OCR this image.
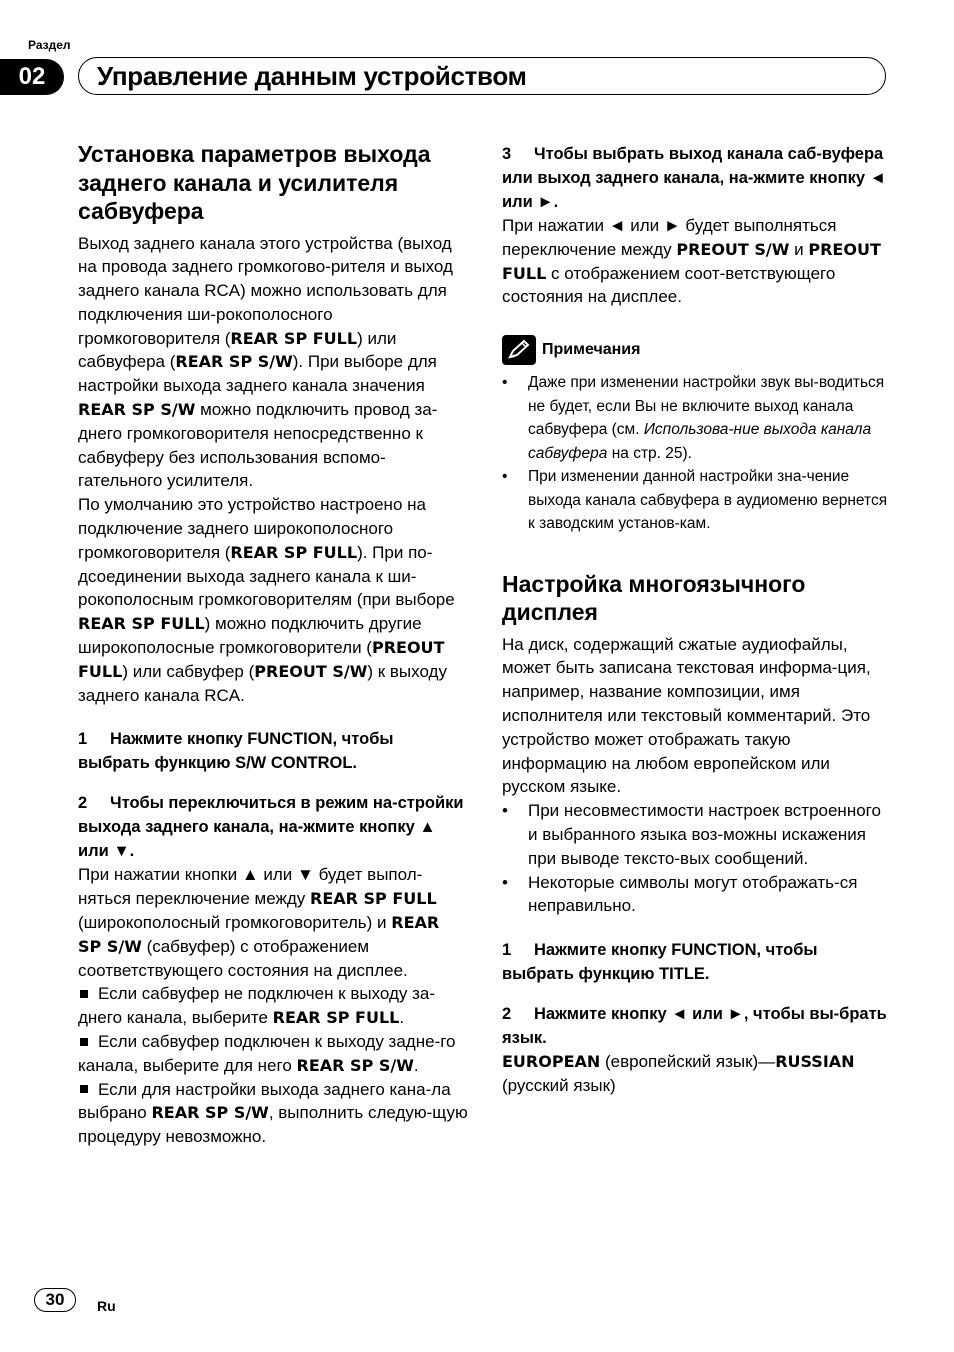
Раздел
02	Управление данным устройством
Установка параметров выхода заднего канала и усилителя сабвуфера

Выход заднего канала этого устройства (выход на провода заднего громкогово-рителя и выход заднего канала RCA) можно использовать для подключения ши-рокополосного громкоговорителя (REAR SP FULL) или сабвуфера (REAR SP S/W). При выборе для настройки выхода заднего канала значения REAR SP S/W можно подключить провод за-днего громкоговорителя непосредственно к сабвуферу без использования вспомо-гательного усилителя.

По умолчанию это устройство настроено на подключение заднего широкополосного громкоговорителя (REAR SP FULL). При по-дсоединении выхода заднего канала к ши-рокополосным громкоговорителям (при выборе REAR SP FULL) можно подключить другие широкополосные громкоговорители (PREOUT FULL) или сабвуфер (PREOUT S/W) к выходу заднего канала RCA.

1 Нажмите кнопку FUNCTION, чтобы выбрать функцию S/W CONTROL.
2 Чтобы переключиться в режим на-стройки выхода заднего канала, на-жмите кнопку ▲ или ▼.

При нажатии кнопки ▲ или ▼ будет выпол-няться переключение между REAR SP FULL (широкополосный громкоговоритель) и REAR SP S/W (сабвуфер) с отображением соответствующего состояния на дисплее.

Если сабвуфер не подключен к выходу за-днего канала, выберите REAR SP FULL.

Если сабвуфер подключен к выходу задне-го канала, выберите для него REAR SP S/W.

Если для настройки выхода заднего кана-ла выбрано REAR SP S/W, выполнить следую-щую процедуру невозможно.

3 Чтобы выбрать выход канала саб-вуфера или выход заднего канала, на-жмите кнопку ◄ или ►.

При нажатии ◄ или ► будет выполняться переключение между PREOUT S/W и PREOUT FULL с отображением соот-ветствующего состояния на дисплее.

Примечания
• Даже при изменении настройки звук вы-водиться не будет, если Вы не включите выход канала сабвуфера (см. Использова-ние выхода канала сабвуфера на стр. 25).
• При изменении данной настройки зна-чение выхода канала сабвуфера в аудиоменю вернется к заводским установ-кам.
Настройка многоязычного дисплея

На диск, содержащий сжатые аудиофайлы, может быть записана текстовая информа-ция, например, название композиции, имя исполнителя или текстовый комментарий. Это устройство может отображать такую информацию на любом европейском или русском языке.

• При несовместимости настроек встроенного и выбранного языка воз-можны искажения при выводе тексто-вых сообщений.
• Некоторые символы могут отображать-ся неправильно.
1 Нажмите кнопку FUNCTION, чтобы выбрать функцию TITLE.
2 Нажмите кнопку ◄ или ►, чтобы вы-брать язык.

EUROPEAN (европейский язык)—RUSSIAN (русский язык)

30	Ru
